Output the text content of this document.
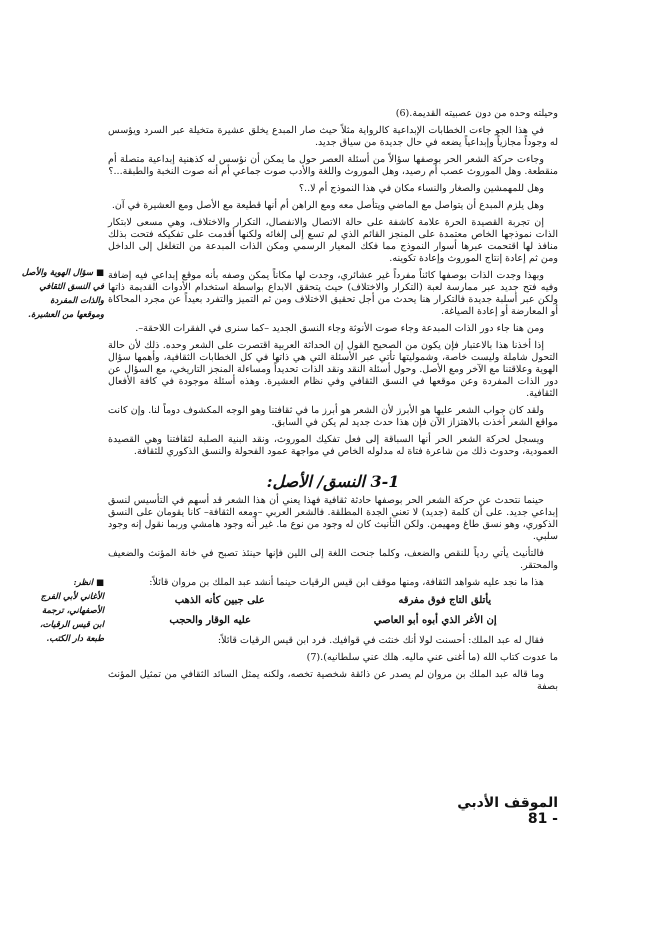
وحيلته وحده من دون عصبيته القديمة.(6)

في هذا الجو جاءت الخطابات الإبداعية كالرواية مثلاً حيث صار المبدع يخلق عشيرة متخيلة عبر السرد ويؤسس له وجوداً مجازياً وإبداعياً يضعه في حال جديدة من سياق جديد.

وجاءت حركة الشعر الحر بوصفها سؤالاً من أسئلة العصر حول ما يمكن أن نؤسس له كذهنية إبداعية متصلة أم منقطعة. وهل الموروث عصب أم رصيد، وهل الموروث واللغة والأدب صوت جماعي أم أنه صوت النخبة والطبقة...؟

وهل للمهمشين والصغار والنساء مكان في هذا النموذج أم لا..؟

وهل يلزم المبدع أن يتواصل مع الماضي ويتأصل معه ومع الراهن أم أنها قطيعة مع الأصل ومع العشيرة في آن.

إن تجربة القصيدة الحرة علامة كاشفة على حالة الاتصال والانفصال، التكرار والاختلاف، وهي مسعى لابتكار الذات نموذجها الخاص معتمدة على المنجز القائم الذي لم تسع إلى إلغائه ولكنها أقدمت على تفكيكه فتحت بذلك منافذ لها اقتحمت عبرها أسوار النموذج مما فكك المعيار الرسمي ومكن الذات المبدعة من التغلغل إلى الداخل ومن ثم إعادة إنتاج الموروث وإعادة تكوينه.

وبهذا وجدت الذات بوصفها كائناً مفرداً غير عشائري، وجدت لها مكاناً يمكن وصفه بأنه موقع إبداعي فيه إضافة وفيه فتح جديد عبر ممارسة لعبة (التكرار والاختلاف) حيث يتحقق الابداع بواسطة استخدام الأدوات القديمة ذاتها ولكن عبر أسلبة جديدة فالتكرار هنا يحدث من أجل تحقيق الاختلاف ومن ثم التميز والتفرد بعيداً عن مجرد المحاكاة أو المعارضة أو إعادة الصياغة.

ومن هنا جاء دور الذات المبدعة وجاء صوت الأنوثة وجاء النسق الجديد –كما سنرى في الفقرات اللاحقة–.

إذا أخذنا هذا بالاعتبار فإن يكون من الصحيح القول إن الحداثة العربية اقتصرت على الشعر وحده. ذلك لأن حالة التحول شاملة وليست خاصة، وشموليتها تأتي عبر الأسئلة التي هي ذاتها في كل الخطابات الثقافية، وأهمها سؤال الهوية وعلاقتنا مع الآخر ومع الأصل. وحول أسئلة النقد ونقد الذات تحديداً ومساءلة المنجز التاريخي، مع السؤال عن دور الذات المفردة وعن موقعها في النسق الثقافي وفي نظام العشيرة. وهذه أسئلة موجودة في كافة الأفعال الثقافية.

ولقد كان جواب الشعر عليها هو الأبرز لأن الشعر هو أبرز ما في ثقافتنا وهو الوجه المكشوف دوماً لنا. وإن كانت مواقع الشعر أخذت بالاهتزاز الآن فإن هذا حدث جديد لم يكن في السابق.

ويسجل لحركة الشعر الحر أنها السباقة إلى فعل تفكيك الموروث، ونقد البنية الصلبة لثقافتنا وهي القصيدة العمودية، وحدوث ذلك من شاعرة فتاة له مدلوله الخاص في مواجهة عمود الفحولة والنسق الذكوري للثقافة.

3-1 النسق/ الأصل:

حينما نتحدث عن حركة الشعر الحر بوصفها حادثة ثقافية فهذا يعني أن هذا الشعر قد أسهم في التأسيس لنسق إبداعي جديد. على أن كلمة (جديد) لا تعني الجدة المطلقة. فالشعر العربي –ومعه الثقافة– كانا يقومان على النسق الذكوري، وهو نسق طاغ ومهيمن. ولكن التأنيث كان له وجود من نوع ما. غير أنه وجود هامشي وربما نقول إنه وجود سلبي.

فالتأنيث يأتي ردياً للنقص والضعف، وكلما جنحت اللغة إلى اللين فإنها حينئذ تصبح في خانة المؤنث والضعيف والمحتقر.

هذا ما نجد عليه شواهد الثقافة، ومنها موقف ابن قيس الرقيات حينما أنشد عبد الملك بن مروان قائلاً:

يأتلق التاج فوق مفرقه
على جبين كأنه الذهب
إن الأغر الذي أبوه أبو العاصي
عليه الوقار والحجب

فقال له عبد الملك: أحسنت لولا أنك خنثت في قوافيك. فرد ابن قيس الرقيات قائلاً:

ما عدوت كتاب الله (ما أغنى عني ماليه. هلك عني سلطانيه).(7)

وما قاله عبد الملك بن مروان لم يصدر عن ذائقة شخصية تخصه، ولكنه يمثل السائد الثقافي من تمثيل المؤنث بصفة

■سؤال الهوية والأصل
في النسق الثقافي
والذات المفردة
وموقعها من العشيرة.
■انظر:
الأغاني لأبي الفرج
الأصفهاني، ترجمة
ابن قيس الرقيات،
طبعة دار الكتب.
الموقف الأدبي - 81
